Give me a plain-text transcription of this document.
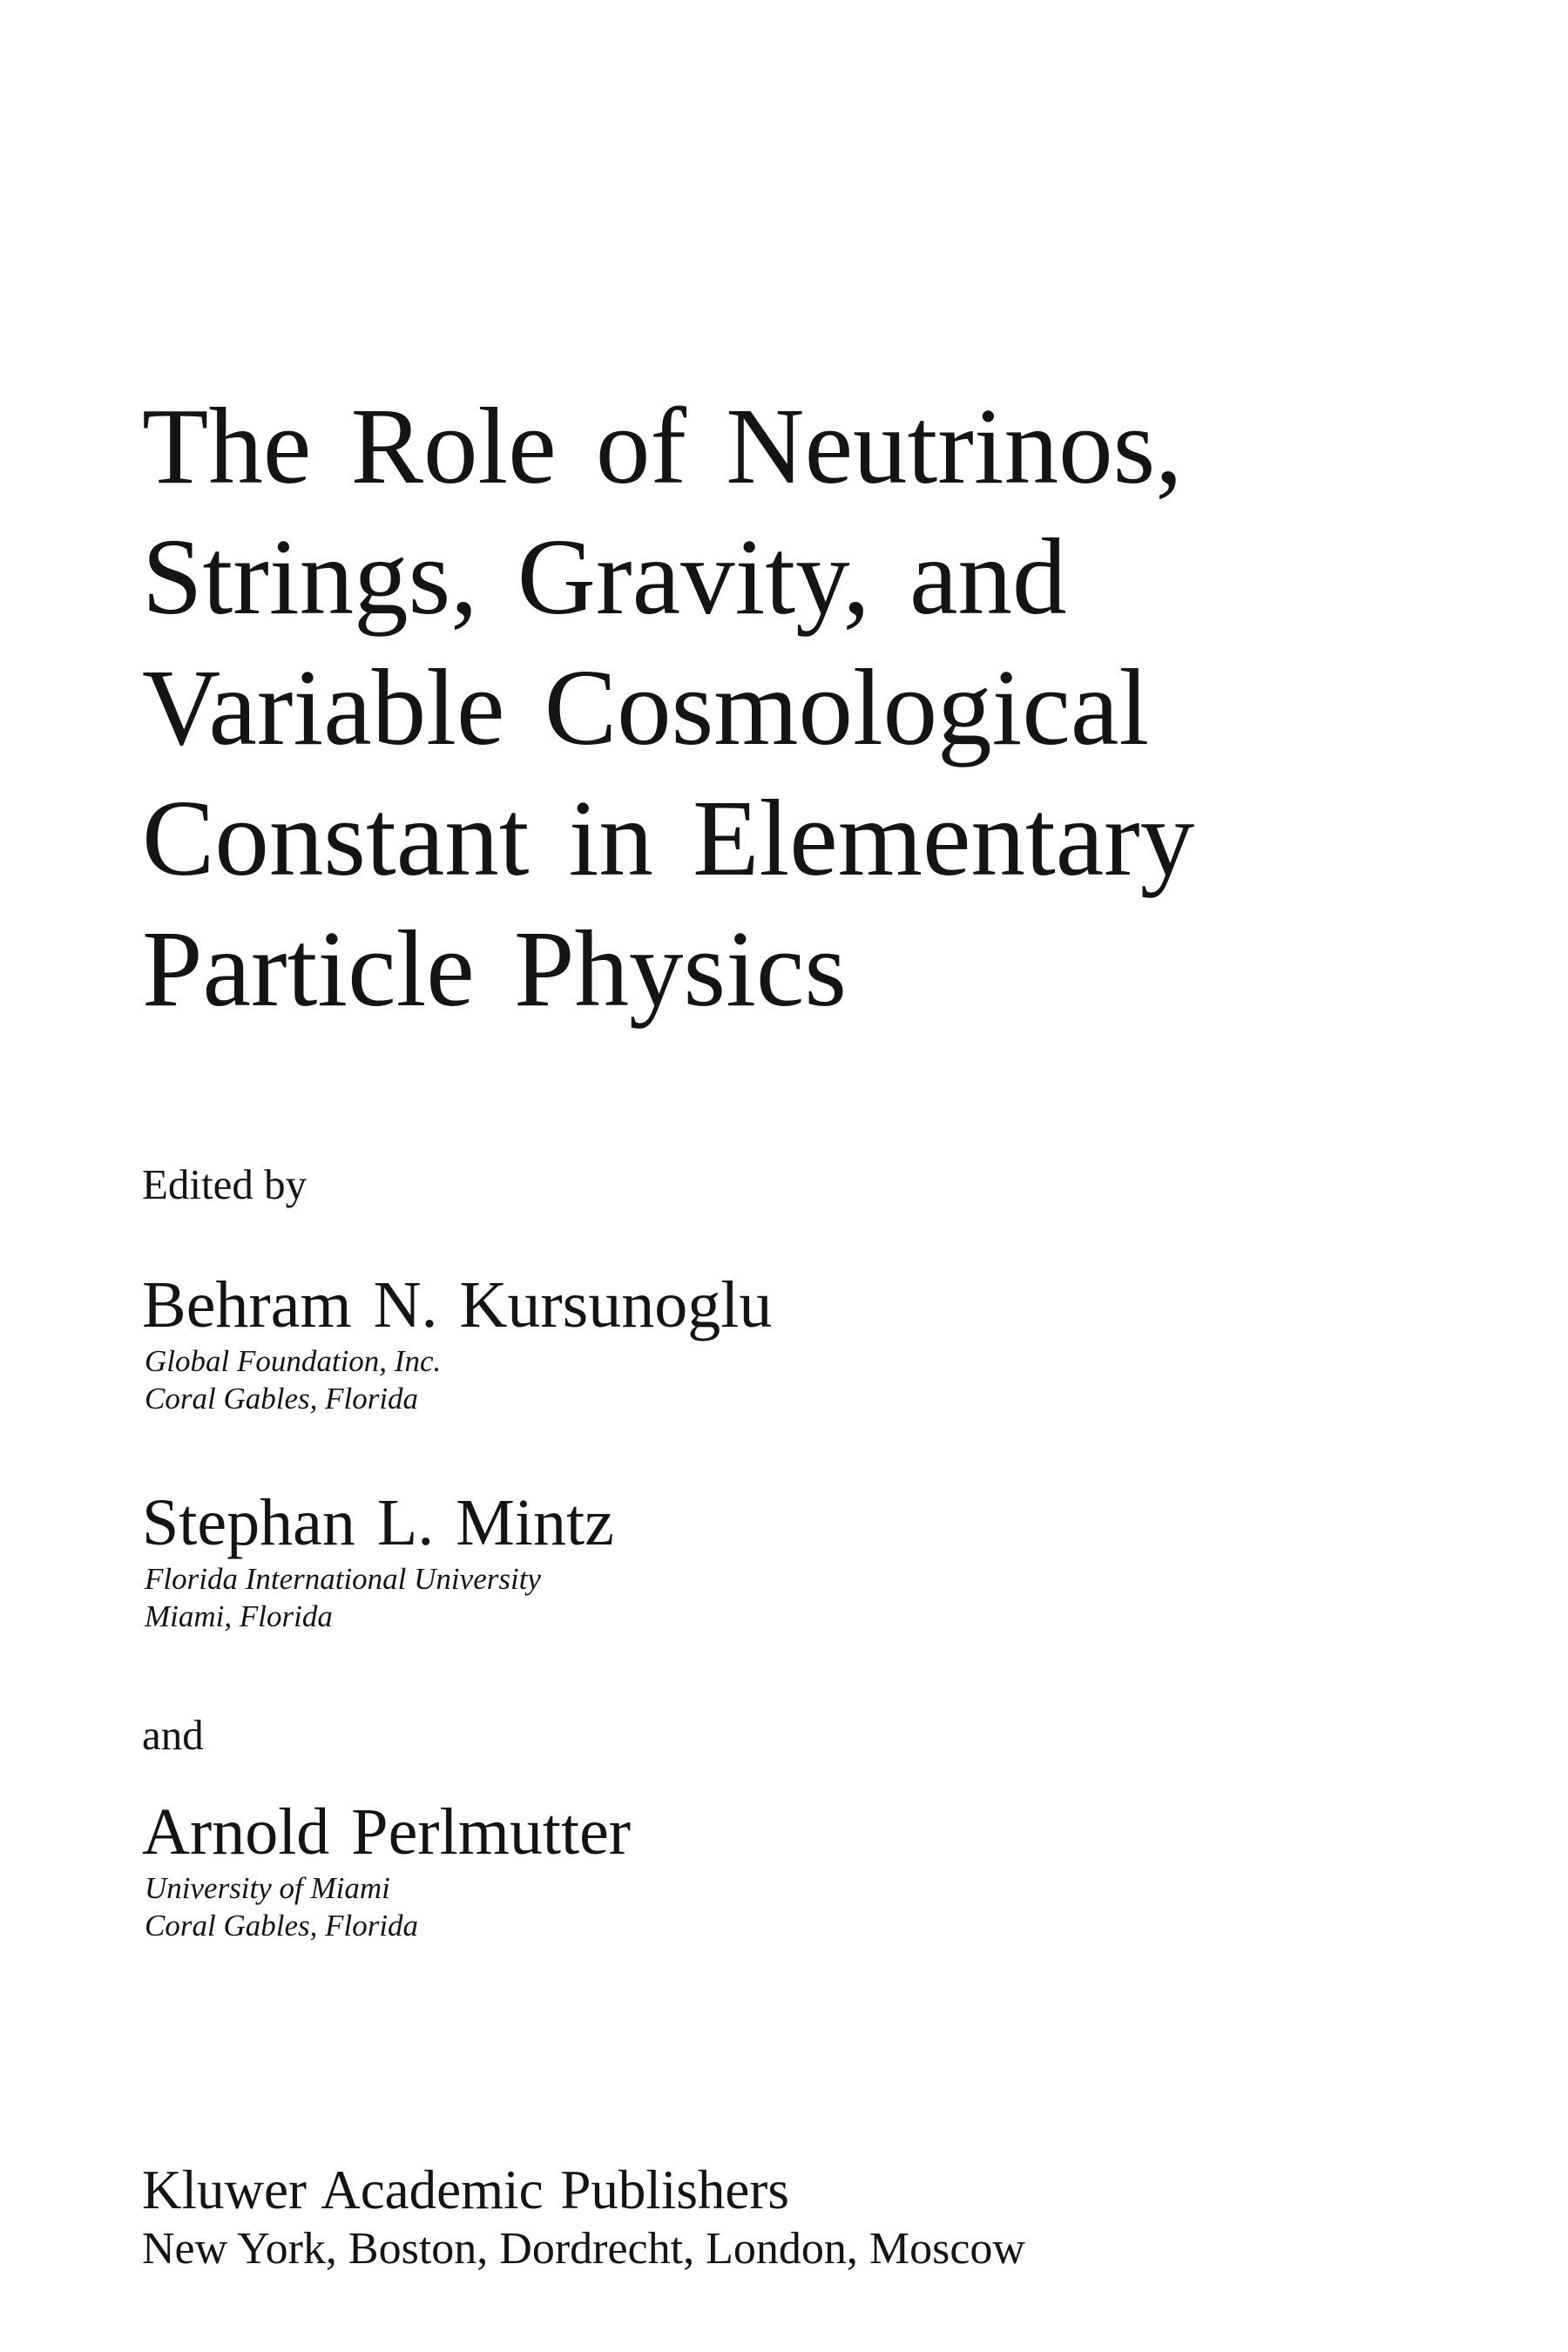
The Role of Neutrinos,
Strings, Gravity, and
Variable Cosmological
Constant in Elementary
Particle Physics
Edited by
Behram N. Kursunoglu
Global Foundation, Inc.
Coral Gables, Florida
Stephan L. Mintz
Florida International University
Miami, Florida
and
Arnold Perlmutter
University of Miami
Coral Gables, Florida
Kluwer Academic Publishers
New York, Boston, Dordrecht, London, Moscow
